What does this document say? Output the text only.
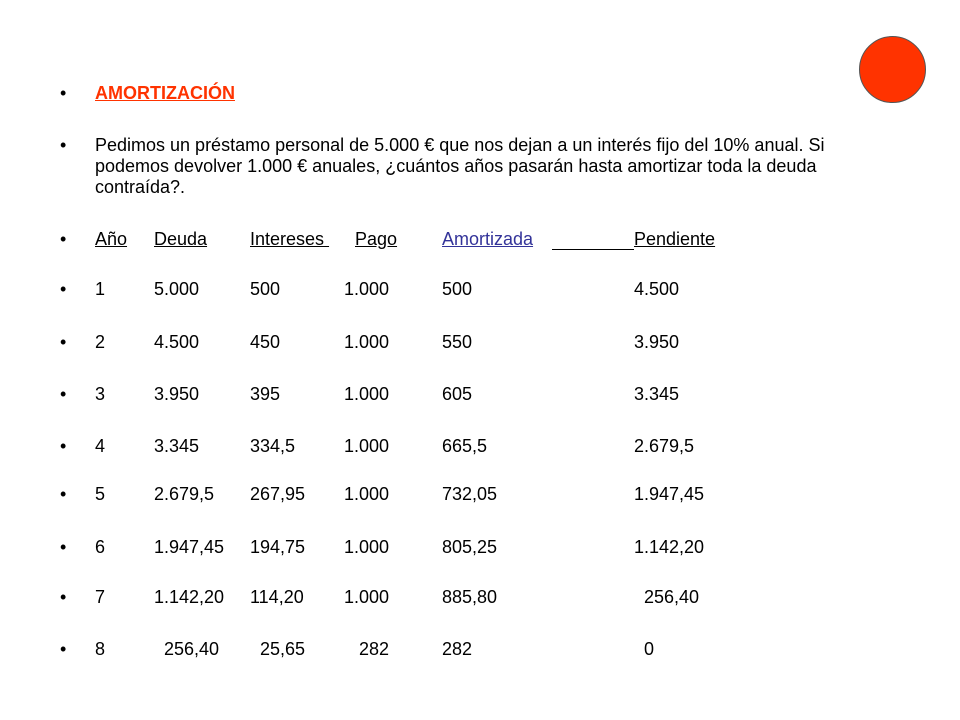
• AMORTIZACIÓN
• Pedimos un préstamo personal de 5.000 € que nos dejan a un interés fijo del 10% anual. Si podemos devolver 1.000 € anuales, ¿cuántos años pasarán hasta amortizar toda la deuda contraída?.
• Año Deuda Intereses Pago Amortizada	Pendiente
• 1	5.000	500	1.000	500	4.500
• 2	4.500	450	1.000	550	3.950
• 3	3.950	395	1.000	605	3.345
• 4	3.345	334,5	1.000	665,5	2.679,5
• 5	2.679,5 267,95 1.000	732,05	1.947,45
• 6	1.947,45 194,75 1.000	805,25	1.142,20
• 7	1.142,20 114,20 1.000	885,80	256,40
• 8	256,40 25,65 282	282	0
